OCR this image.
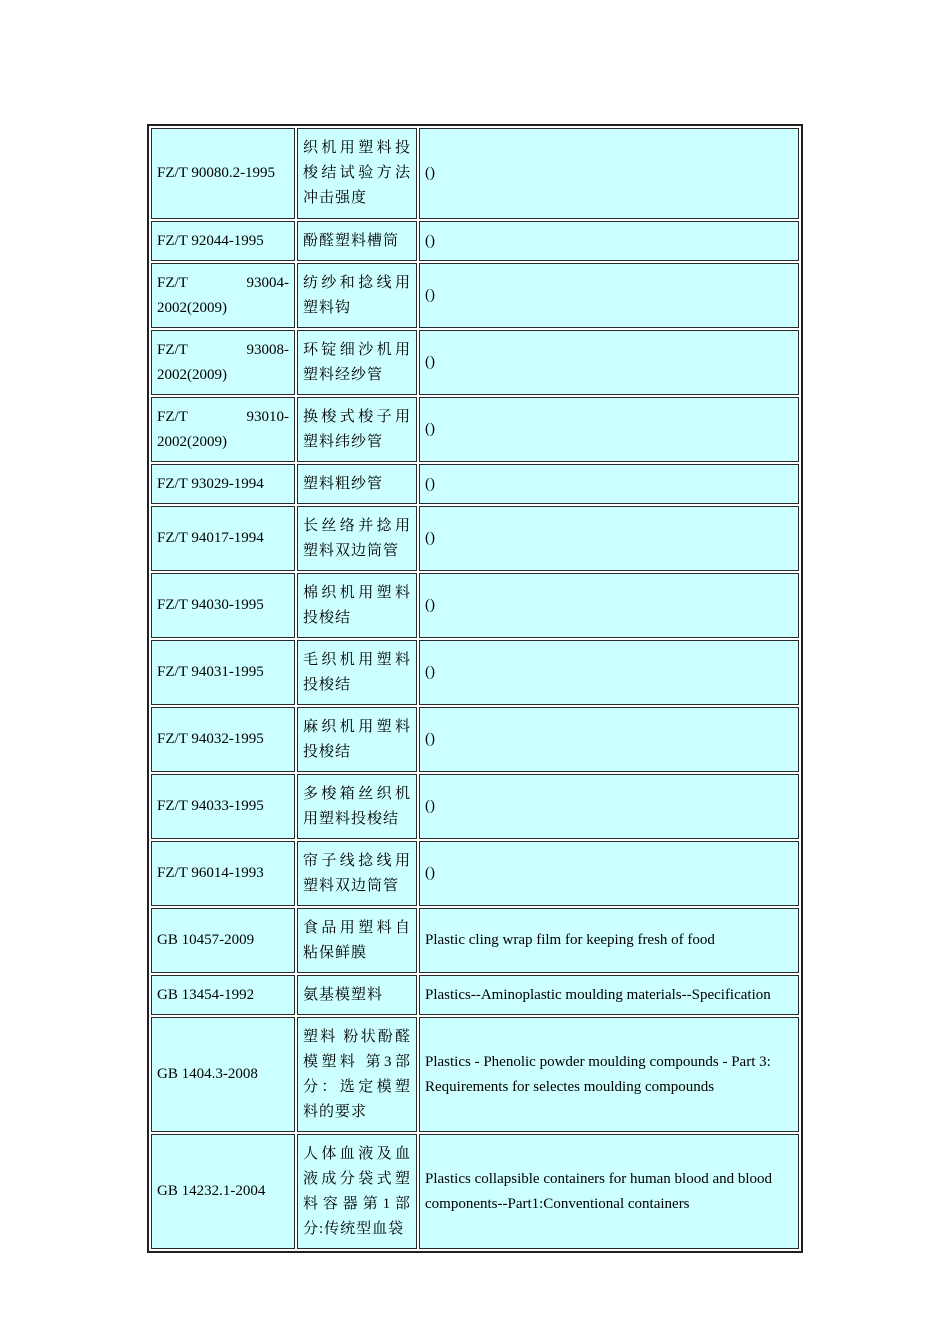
FZ/T 90080.2-1995	织机用塑料投梭结试验方法冲击强度	()
FZ/T 92044-1995	酚醛塑料槽筒	()
FZ/T 93004-2002(2009)	纺纱和捻线用塑料钩	()
FZ/T 93008-2002(2009)	环锭细沙机用塑料经纱管	()
FZ/T 93010-2002(2009)	换梭式梭子用塑料纬纱管	()
FZ/T 93029-1994	塑料粗纱管	()
FZ/T 94017-1994	长丝络并捻用塑料双边筒管	()
FZ/T 94030-1995	棉织机用塑料投梭结	()
FZ/T 94031-1995	毛织机用塑料投梭结	()
FZ/T 94032-1995	麻织机用塑料投梭结	()
FZ/T 94033-1995	多梭箱丝织机用塑料投梭结	()
FZ/T 96014-1993	帘子线捻线用塑料双边筒管	()
GB 10457-2009	食品用塑料自粘保鲜膜	Plastic cling wrap film for keeping fresh of food
GB 13454-1992	氨基模塑料	Plastics--Aminoplastic moulding materials--Specification
GB 1404.3-2008	塑料 粉状酚醛模塑料 第3部分：选定模塑料的要求	Plastics - Phenolic powder moulding compounds - Part 3: Requirements for selectes moulding compounds
GB 14232.1-2004	人体血液及血液成分袋式塑料容器第1部分:传统型血袋	Plastics collapsible containers for human blood and blood components--Part1:Conventional containers
